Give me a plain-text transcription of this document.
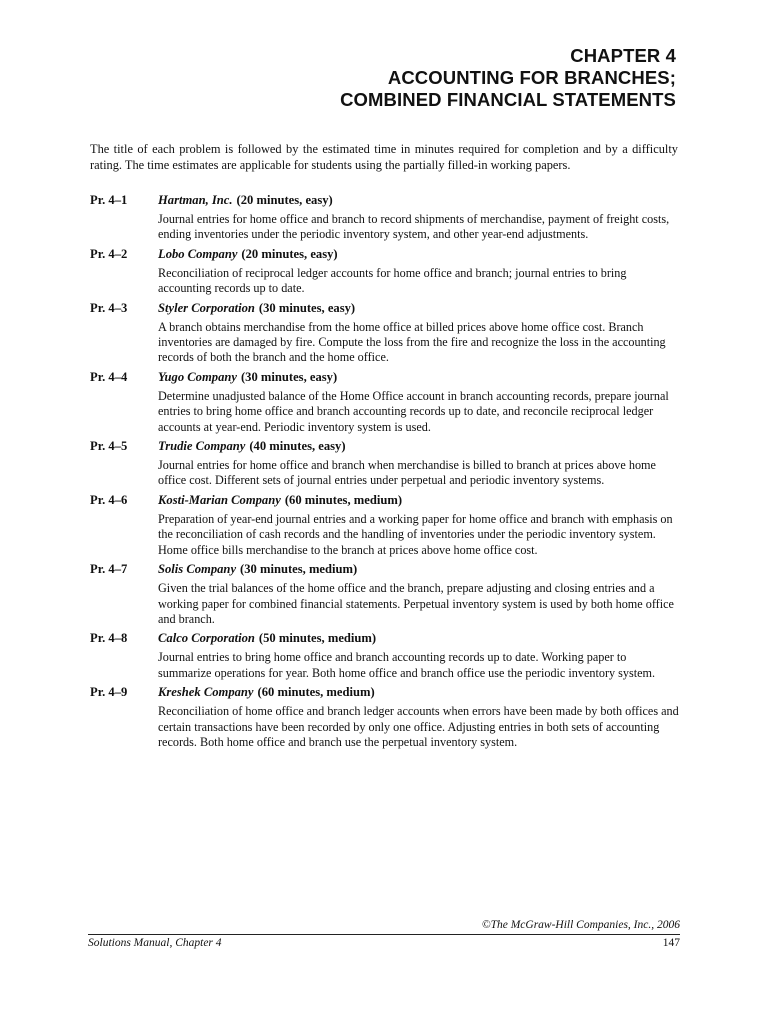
CHAPTER 4
ACCOUNTING FOR BRANCHES;
COMBINED FINANCIAL STATEMENTS
The title of each problem is followed by the estimated time in minutes required for completion and by a difficulty rating. The time estimates are applicable for students using the partially filled-in working papers.
Pr. 4–1	Hartman, Inc. (20 minutes, easy)
Journal entries for home office and branch to record shipments of merchandise, payment of freight costs, ending inventories under the periodic inventory system, and other year-end adjustments.
Pr. 4–2	Lobo Company (20 minutes, easy)
Reconciliation of reciprocal ledger accounts for home office and branch; journal entries to bring accounting records up to date.
Pr. 4–3	Styler Corporation (30 minutes, easy)
A branch obtains merchandise from the home office at billed prices above home office cost. Branch inventories are damaged by fire. Compute the loss from the fire and recognize the loss in the accounting records of both the branch and the home office.
Pr. 4–4	Yugo Company (30 minutes, easy)
Determine unadjusted balance of the Home Office account in branch accounting records, prepare journal entries to bring home office and branch accounting records up to date, and reconcile reciprocal ledger accounts at year-end. Periodic inventory system is used.
Pr. 4–5	Trudie Company (40 minutes, easy)
Journal entries for home office and branch when merchandise is billed to branch at prices above home office cost. Different sets of journal entries under perpetual and periodic inventory systems.
Pr. 4–6	Kosti-Marian Company (60 minutes, medium)
Preparation of year-end journal entries and a working paper for home office and branch with emphasis on the reconciliation of cash records and the handling of inventories under the periodic inventory system. Home office bills merchandise to the branch at prices above home office cost.
Pr. 4–7	Solis Company (30 minutes, medium)
Given the trial balances of the home office and the branch, prepare adjusting and closing entries and a working paper for combined financial statements. Perpetual inventory system is used by both home office and branch.
Pr. 4–8	Calco Corporation (50 minutes, medium)
Journal entries to bring home office and branch accounting records up to date. Working paper to summarize operations for year. Both home office and branch office use the periodic inventory system.
Pr. 4–9	Kreshek Company (60 minutes, medium)
Reconciliation of home office and branch ledger accounts when errors have been made by both offices and certain transactions have been recorded by only one office. Adjusting entries in both sets of accounting records. Both home office and branch use the perpetual inventory system.
©The McGraw-Hill Companies, Inc., 2006
Solutions Manual, Chapter 4	147
